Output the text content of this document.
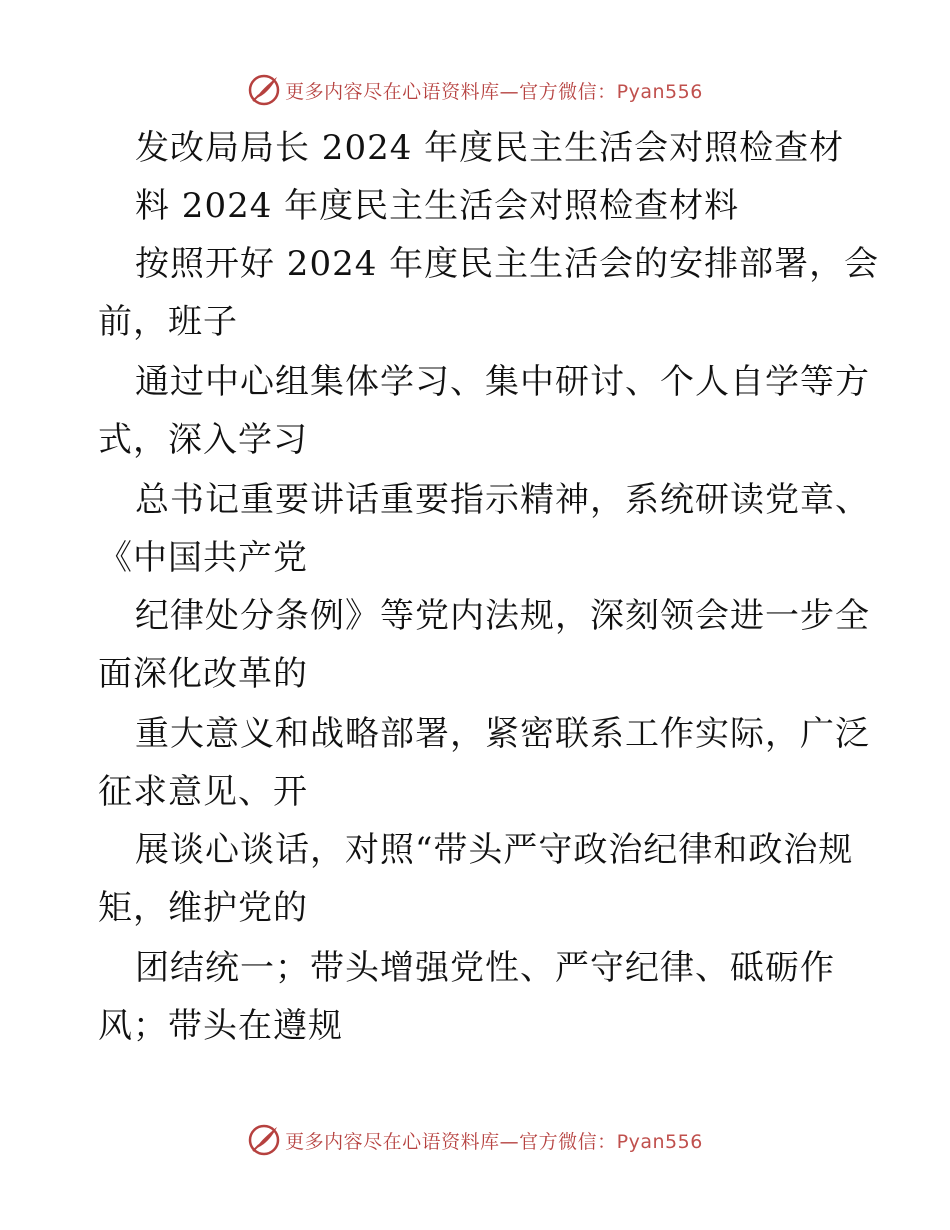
更多内容尽在心语资料库—官方微信：Pyan556
发改局局长 2024 年度民主生活会对照检查材
料 2024 年度民主生活会对照检查材料
按照开好 2024 年度民主生活会的安排部署，会
前，班子
通过中心组集体学习、集中研讨、个人自学等方
式，深入学习
总书记重要讲话重要指示精神，系统研读党章、
《中国共产党
纪律处分条例》等党内法规，深刻领会进一步全
面深化改革的
重大意义和战略部署，紧密联系工作实际，广泛
征求意见、开
展谈心谈话，对照“带头严守政治纪律和政治规
矩，维护党的
团结统一；带头增强党性、严守纪律、砥砺作
风；带头在遵规
更多内容尽在心语资料库—官方微信：Pyan556
